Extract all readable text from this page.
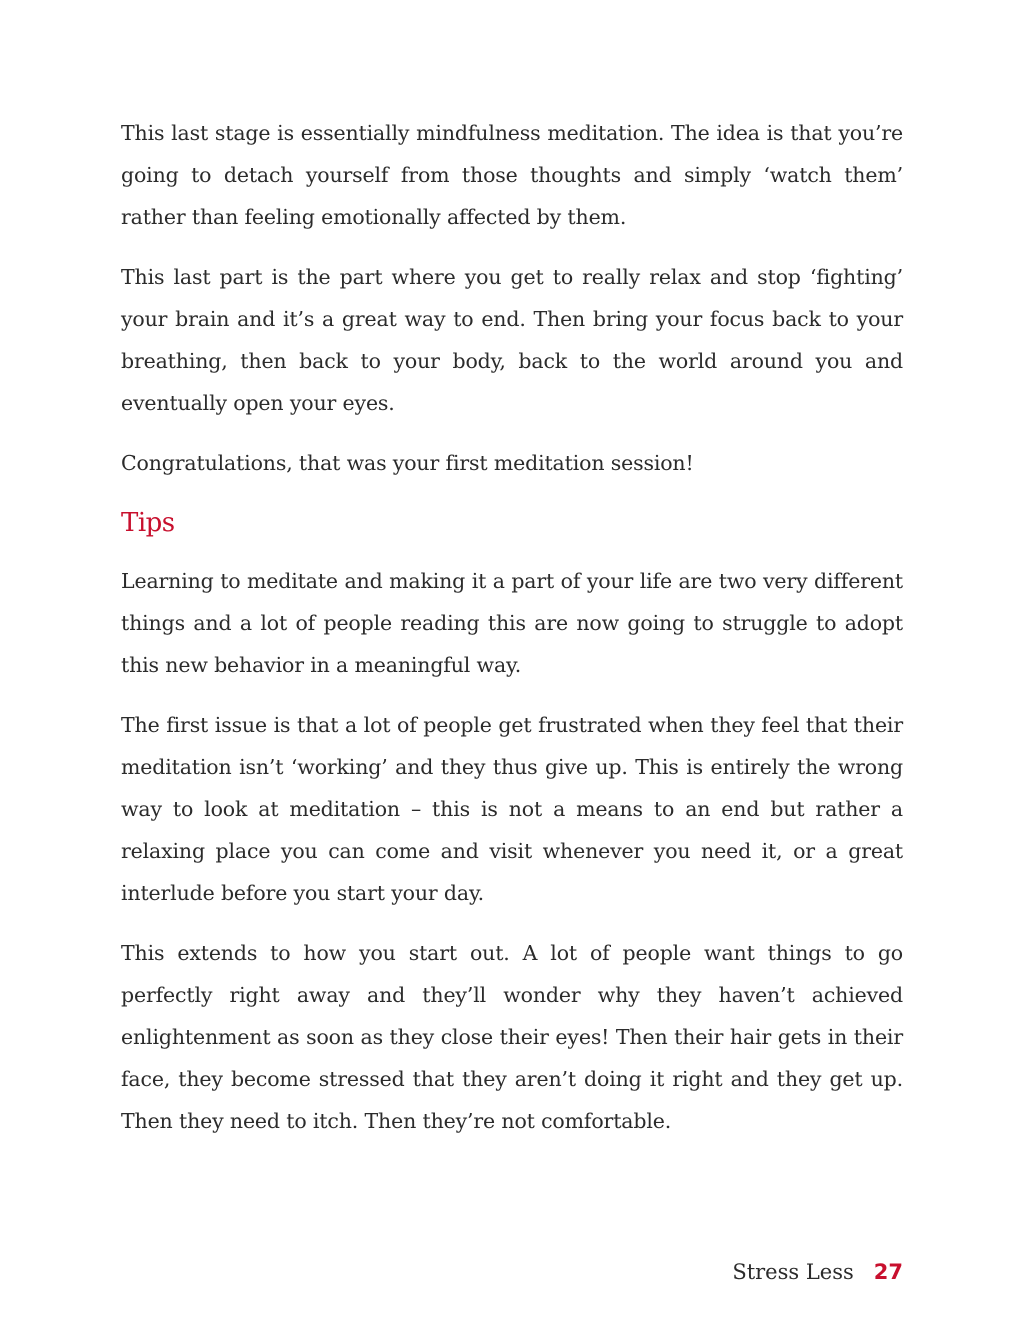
This last stage is essentially mindfulness meditation. The idea is that you’re going to detach yourself from those thoughts and simply ‘watch them’ rather than feeling emotionally affected by them.

This last part is the part where you get to really relax and stop ‘fighting’ your brain and it’s a great way to end. Then bring your focus back to your breathing, then back to your body, back to the world around you and eventually open your eyes.

Congratulations, that was your first meditation session!

Tips

Learning to meditate and making it a part of your life are two very different things and a lot of people reading this are now going to struggle to adopt this new behavior in a meaningful way.

The first issue is that a lot of people get frustrated when they feel that their meditation isn’t ‘working’ and they thus give up. This is entirely the wrong way to look at meditation – this is not a means to an end but rather a relaxing place you can come and visit whenever you need it, or a great interlude before you start your day.

This extends to how you start out. A lot of people want things to go perfectly right away and they’ll wonder why they haven’t achieved enlightenment as soon as they close their eyes! Then their hair gets in their face, they become stressed that they aren’t doing it right and they get up. Then they need to itch. Then they’re not comfortable.

Stress Less 27
